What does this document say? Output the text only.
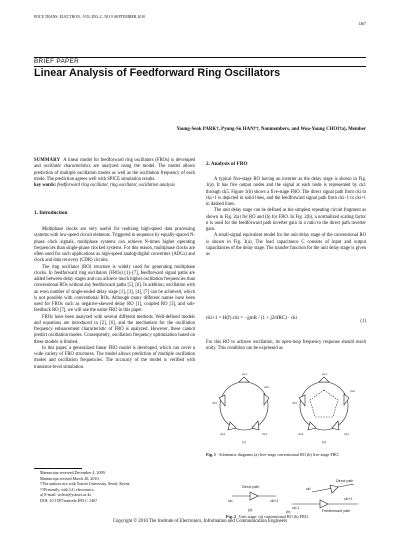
IEICE TRANS. ELECTRON., VOL.E93–C, NO.9 SEPTEMBER 2010
1467
BRIEF PAPER
Linear Analysis of Feedforward Ring Oscillators
Young-Seok PARK†, Pyung-Su HAN††, Nonmembers, and Woo-Young CHOI†a), Member
SUMMARY A linear model for feedforward ring oscillators (FROs) is developed and oscillator characteristics are analyzed using the model. The model allows prediction of multiple oscillation modes as well as the oscillation frequency of each mode. The prediction agrees well with SPICE simulation results.
key words: feedforward ring oscillator, ring oscillator, oscillation analysis
1. Introduction

Multiphase clocks are very useful for realizing high-speed data processing systems with low-speed circuit elements. Triggered in sequence by equally-spaced N-phase clock signals, multiphase systems can achieve N-times higher operating frequencies than single-phase clocked systems. For this reason, multiphase clocks are often used for such applications as high-speed analog-digital converters (ADCs) and clock and data recovery (CDR) circuits.

The ring oscillator (RO) structure is widely used for generating multiphase clocks. In feedforward ring oscillators (FROs) [1]–[7], feedforward signal paths are added between delay stages and can achieve much higher oscillation frequencies than conventional ROs without any feedforward paths [5], [6]. In addition, oscillation with an even number of single-ended delay stage [1], [3], [4], [7] can be achieved, which is not possible with conventional ROs. Although many different names have been used for FROs such as negative-skewed delay RO [1], coupled RO [3], and sub-feedback RO [7], we will use the name FRO in this paper.

FROs have been analyzed with several different methods. Well-defined models and equations are introduced in [2], [6], and the mechanism for the oscillation frequency enhancement characteristic of FRO is analyzed. However, these cannot predict oscillation modes. Consequently, oscillation frequency optimization based on these models is limited.

In this paper, a generalized linear FRO model is developed, which can cover a wide variety of FRO structures. The model allows prediction of multiple oscillation modes and oscillation frequencies. The accuracy of the model is verified with transistor-level simulation.

Manuscript received December 4, 2009.
Manuscript revised March 26, 2010.
†The authors are with Yonsei University, Seoul, Korea.
††Presently, with LG electronics.
a) E-mail: wchoi@yonsei.ac.kr
DOI: 10.1587/transele.E93.C.1467
2. Analysis of FRO

A typical five-stage RO having an inverter as the delay stage is shown in Fig. 1(a). It has five output nodes and the signal at each node is represented by ck1 through ck5. Figure 1(b) shows a five-stage FRO. The direct signal path from cki to cki+1 is depicted in solid lines, and the feedforward signal path from cki−1 to cki+1 in dashed lines.

The unit delay stage can be defined as the simplest repeating circuit fragment as shown in Fig. 2(a) for RO and (b) for FRO. In Fig. 2(b), a normalized scaling factor n is used for the feedforward path inverter gain in a ratio to the direct path inverter gain.

A small-signal equivalent model for the unit delay stage of the conventional RO is shown in Fig. 3(a). The load capacitance C consists of input and output capacitances of the delay stage. The transfer function for the unit delay stage is given as

cki+1 = H(f)·cki = −gmR / (1 + j2πfRC) · cki
(1)

For this RO to achieve oscillation, its open-loop frequency response should reach unity. This condition can be expressed as

ck1
ck2
ck3
ck4
ck5
ck1
ck2
ck3
ck4
ck5
(a)	(b)
Fig. 1 Schematic diagrams (a) five-stage conventional RO (b) five-stage FRO.
Direct path
cki	cki+1
Direct path
cki
cki-1
cki+1
Feedforward path
(a)	(b)
Fig. 2 Unit stage: (a) conventional RO (b) FRO.
Copyright © 2010 The Institute of Electronics, Information and Communication Engineers
